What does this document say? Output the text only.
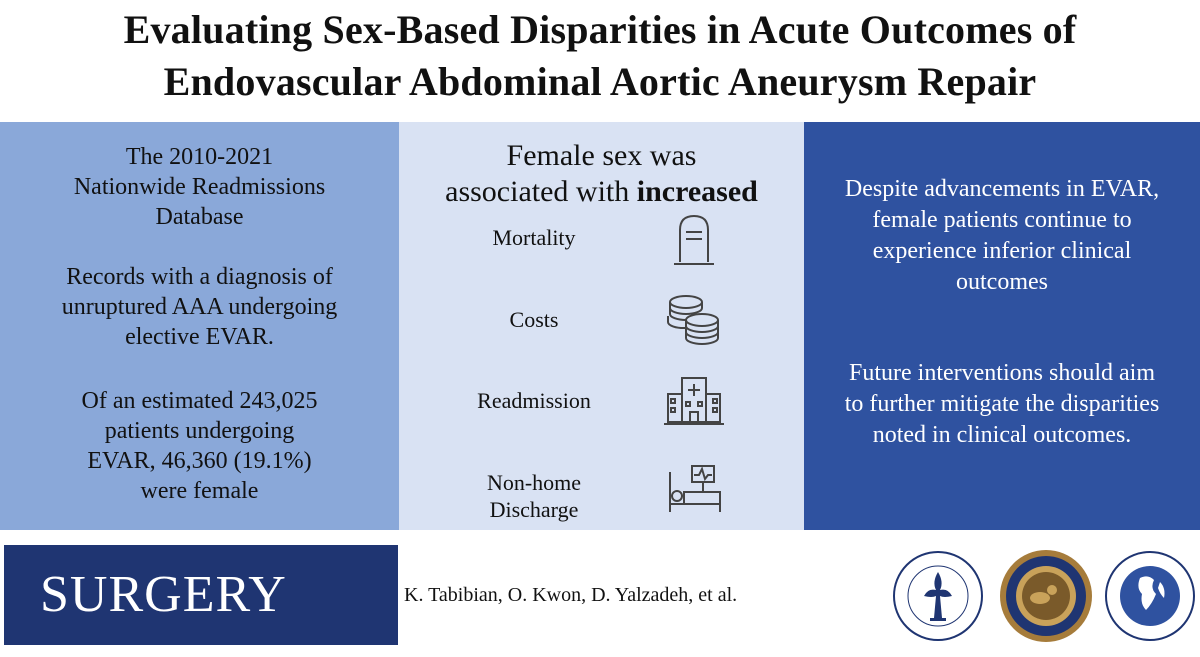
Evaluating Sex-Based Disparities in Acute Outcomes of
Endovascular Abdominal Aortic Aneurysm Repair
The 2010-2021
Nationwide Readmissions
Database
Records with a diagnosis of
unruptured AAA undergoing
elective EVAR.
Of an estimated 243,025
patients undergoing
EVAR, 46,360 (19.1%)
were female
Female sex was
associated with increased
Mortality
Costs
Readmission
Non-home
Discharge
Despite advancements in EVAR,
female patients continue to
experience inferior clinical
outcomes
Future interventions should aim
to further mitigate the disparities
noted in clinical outcomes.
SURGERY	K. Tabibian, O. Kwon, D. Yalzadeh, et al.
